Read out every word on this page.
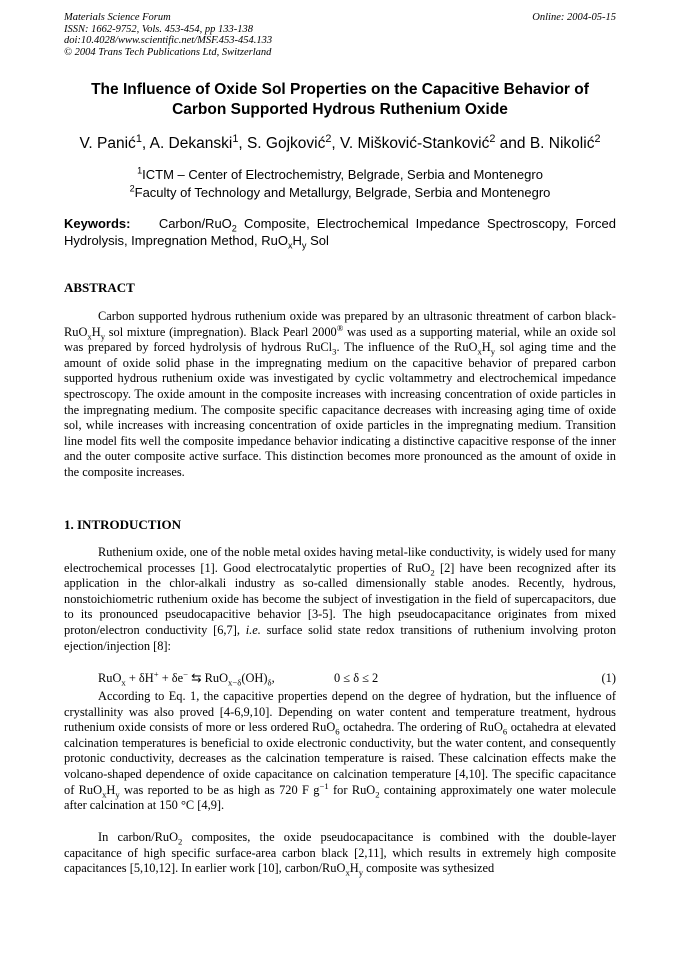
Materials Science Forum
ISSN: 1662-9752, Vols. 453-454, pp 133-138
doi:10.4028/www.scientific.net/MSF.453-454.133
© 2004 Trans Tech Publications Ltd, Switzerland
Online: 2004-05-15
The Influence of Oxide Sol Properties on the Capacitive Behavior of
Carbon Supported Hydrous Ruthenium Oxide
V. Panić$^1$, A. Dekanski$^1$, S. Gojković$^2$, V. Mišković-Stanković$^2$ and B. Nikolić$^2$
$^1$ICTM – Center of Electrochemistry, Belgrade, Serbia and Montenegro
$^2$Faculty of Technology and Metallurgy, Belgrade, Serbia and Montenegro
Keywords: Carbon/RuO$_2$ Composite, Electrochemical Impedance Spectroscopy, Forced Hydrolysis, Impregnation Method, $RuO_xH_y$ Sol
ABSTRACT
Carbon supported hydrous ruthenium oxide was prepared by an ultrasonic threatment of carbon black-$RuO_xH_y$ sol mixture (impregnation). Black Pearl 2000® was used as a supporting material, while an oxide sol was prepared by forced hydrolysis of hydrous RuCl$_3$. The influence of the $RuO_xH_y$ sol aging time and the amount of oxide solid phase in the impregnating medium on the capacitive behavior of prepared carbon supported hydrous ruthenium oxide was investigated by cyclic voltammetry and electrochemical impedance spectroscopy. The oxide amount in the composite increases with increasing concentration of oxide particles in the impregnating medium. The composite specific capacitance decreases with increasing aging time of oxide sol, while increases with increasing concentration of oxide particles in the impregnating medium. Transition line model fits well the composite impedance behavior indicating a distinctive capacitive response of the inner and the outer composite active surface. This distinction becomes more pronounced as the amount of oxide in the composite increases.
1. INTRODUCTION
Ruthenium oxide, one of the noble metal oxides having metal-like conductivity, is widely used for many electrochemical processes [1]. Good electrocatalytic properties of RuO$_2$ [2] have been recognized after its application in the chlor-alkali industry as so-called dimensionally stable anodes. Recently, hydrous, nonstoichiometric ruthenium oxide has become the subject of investigation in the field of supercapacitors, due to its pronounced pseudocapacitive behavior [3-5]. The high pseudocapacitance originates from mixed proton/electron conductivity [6,7], i.e. surface solid state redox transitions of ruthenium involving proton ejection/injection [8]:
RuO$_x$ + δH+ + δe− ⇆ $RuO_{x-\delta}(OH)_\delta$,	0 ≤ δ ≤ 2	(1)
According to Eq. 1, the capacitive properties depend on the degree of hydration, but the influence of crystallinity was also proved [4-6,9,10]. Depending on water content and temperature treatment, hydrous ruthenium oxide consists of more or less ordered RuO$_6$ octahedra. The ordering of RuO$_6$ octahedra at elevated calcination temperatures is beneficial to oxide electronic conductivity, but the water content, and consequently protonic conductivity, decreases as the calcination temperature is raised. These calcination effects make the volcano-shaped dependence of oxide capacitance on calcination temperature [4,10]. The specific capacitance of $RuO_xH_y$ was reported to be as high as 720 F $g^{-1}$ for RuO$_2$ containing approximately one water molecule after calcination at 150 °C [4,9].
In carbon/RuO$_2$ composites, the oxide pseudocapacitance is combined with the double-layer capacitance of high specific surface-area carbon black [2,11], which results in extremely high composite capacitances [5,10,12]. In earlier work [10], carbon/$RuO_xH_y$ composite was sythesized
